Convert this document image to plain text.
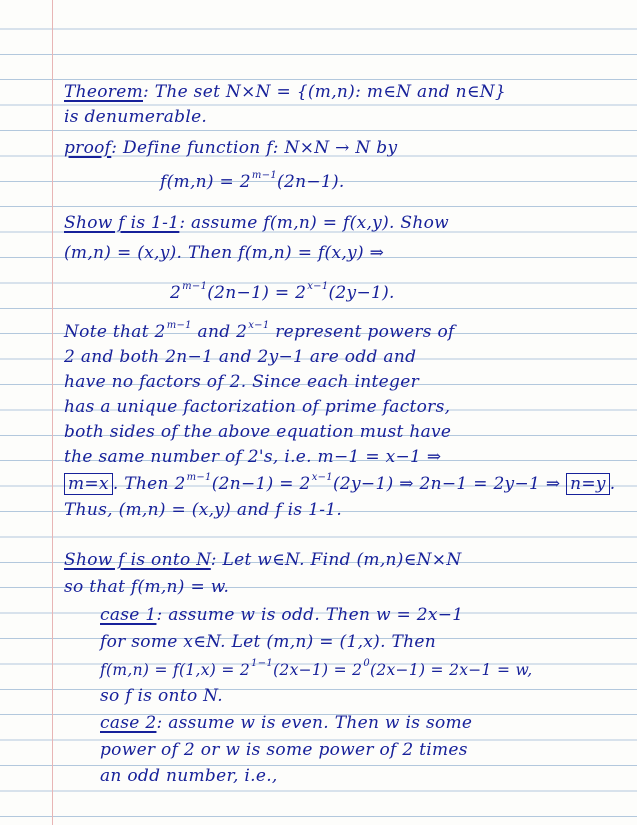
Theorem: The set N×N = {(m,n): m∈N and n∈N}
is denumerable.
proof: Define function f: N×N → N by
$f(m,n) = 2^{m-1}(2n-1)$.
Show f is 1-1: assume f(m,n) = f(x,y). Show
(m,n) = (x,y). Then f(m,n) = f(x,y) ⇒
$2^{m-1}(2n-1) = 2^{x-1}(2y-1)$.
Note that $2^{m-1}$ and $2^{x-1}$ represent powers of
2 and both 2n−1 and 2y−1 are odd and
have no factors of 2. Since each integer
has a unique factorization of prime factors,
both sides of the above equation must have
the same number of 2's, i.e. m−1 = x−1 ⇒
m=x . Then $2^{m-1}(2n-1) = 2^{x-1}(2y-1)$ ⇒ 2n−1 = 2y−1 ⇒ n=y .
Thus, (m,n) = (x,y) and f is 1-1.
Show f is onto N: Let w∈N. Find (m,n)∈N×N
so that f(m,n) = w.
case 1: assume w is odd. Then w = 2x−1
for some x∈N. Let (m,n) = (1,x). Then
$f(m,n) = f(1,x) = 2^{1-1}(2x-1) = 2^0(2x-1) = 2x-1 = w$,
so f is onto N.
case 2: assume w is even. Then w is some
power of 2 or w is some power of 2 times
an odd number, i.e.,
